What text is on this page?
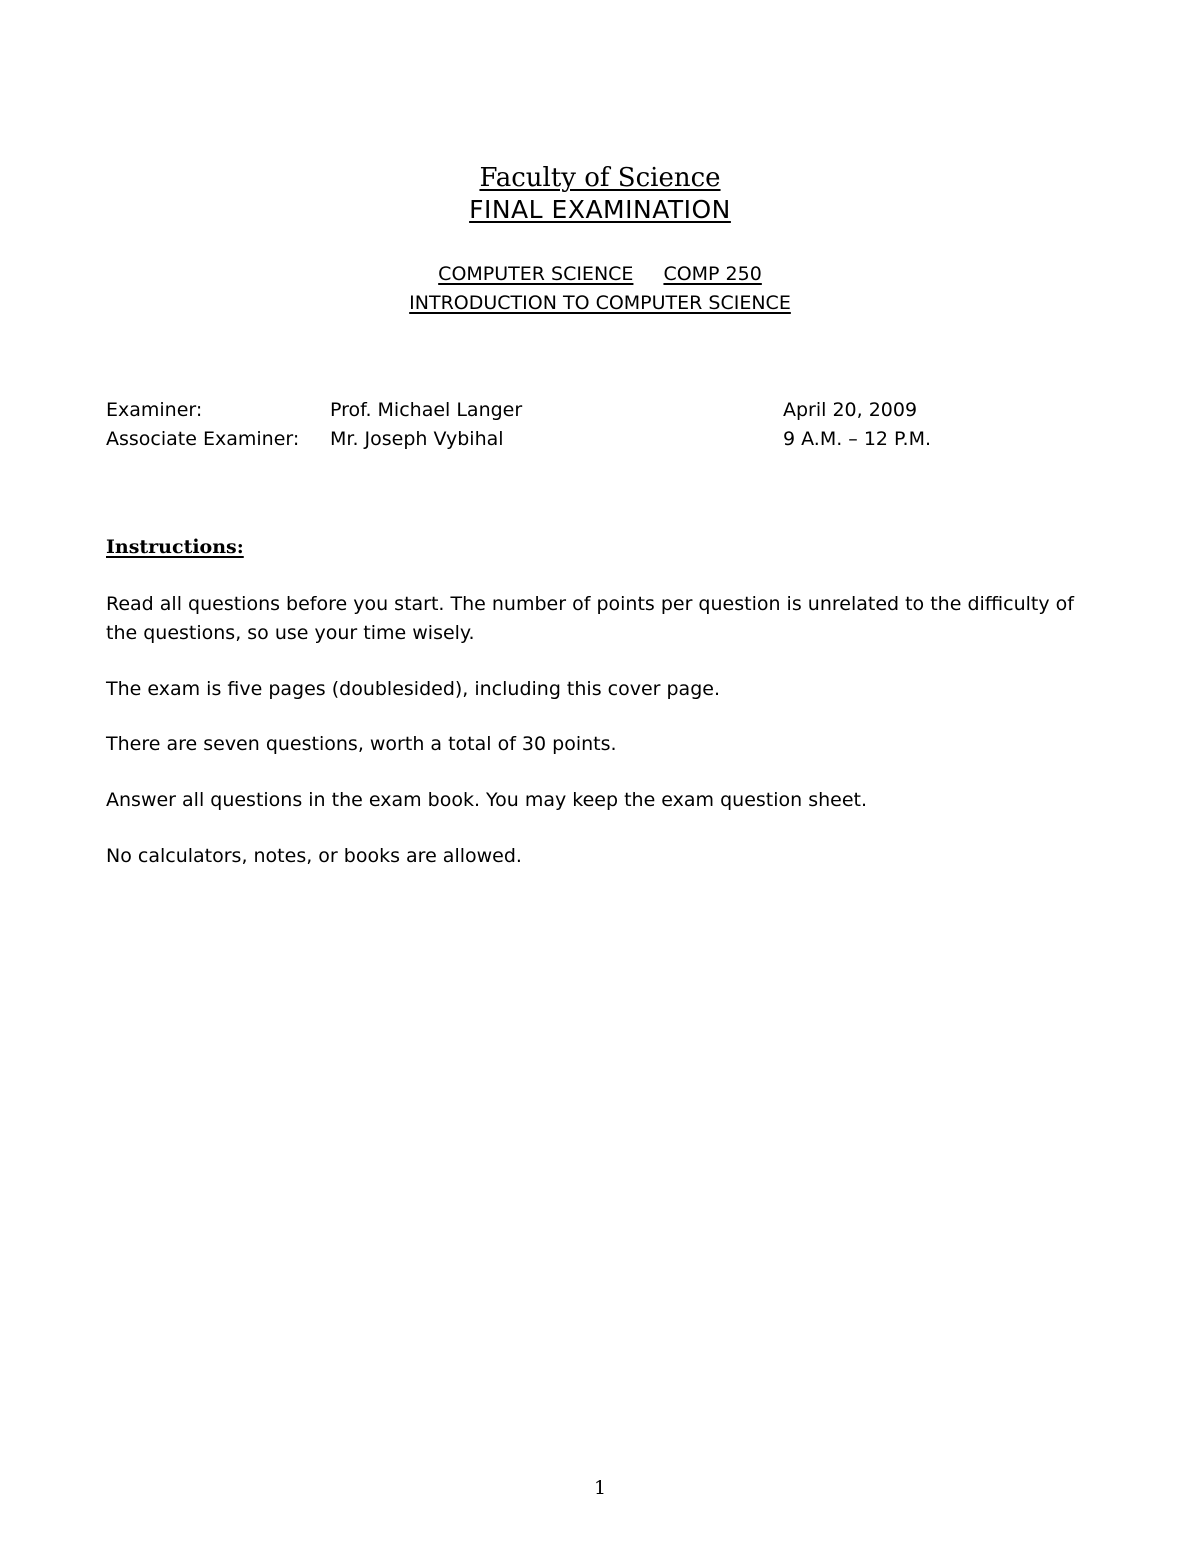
Faculty of Science
FINAL EXAMINATION
COMPUTER SCIENCE COMP 250
INTRODUCTION TO COMPUTER SCIENCE
Examiner:	Prof. Michael Langer	April 20, 2009
Associate Examiner: Mr. Joseph Vybihal	9 A.M. – 12 P.M.
Instructions:
Read all questions before you start. The number of points per question is unrelated to the difficulty of the questions, so use your time wisely.
The exam is five pages (doublesided), including this cover page.
There are seven questions, worth a total of 30 points.
Answer all questions in the exam book. You may keep the exam question sheet.
No calculators, notes, or books are allowed.
1
